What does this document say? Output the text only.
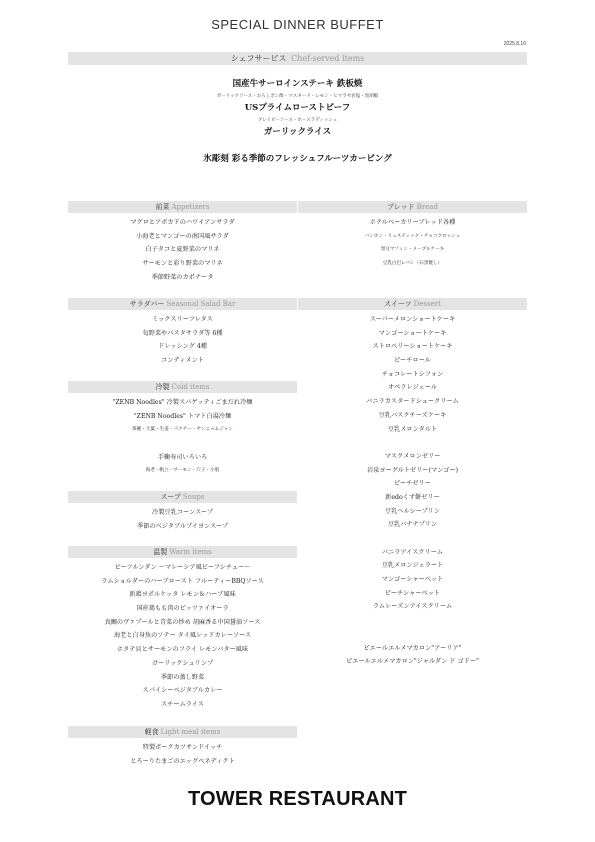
SPECIAL DINNER BUFFET
2025.8.16
シェフサービス Chef-served items
国産牛サーロインステーキ 鉄板焼
ガーリックソース・おろしポン酢・マスタード・レモン・ヒマラヤ岩塩・黒胡椒
USプライムローストビーフ
グレイビーソース・ホースラディッシュ
ガーリックライス
氷彫刻 彩る季節のフレッシュフルーツカービング
前菜 Appetizers
マグロとアボカドのハワイアンサラダ
小海老とマンゴーの南国風サラダ
白子タコと夏野菜のマリネ
サーモンと彩り野菜のマリネ
季節野菜のカポナータ
サラダバー Seasonal Salad Bar
ミックスリーフレタス
旬野菜やパスタサラダ等 6種
ドレッシング 4種
コンディメント
冷製 Cold items
"ZENB Noodles" 冷製スパゲッティごまだれ冷麺
"ZENB Noodles" トマト白湯冷麺
茶碗・大葉・生姜・パクチー・ヤンニョムジャン
手鞠寿司いろいろ
海老・帆立・サーモン・穴子・小肌
スープ Soups
冷製豆乳コーンスープ
季節のベジタブルブイヨンスープ
温製 Warm items
ビーフルンダン ～マレーシア風ビーフシチュー～
ラムショルダーのハーブロースト フルーティーBBQソース
新鶏ヨポルケッタ レモン＆ハーブ風味
国産鶏もも肉のピッツァイオーラ
真鯛のヴァプールと青菜の炒め 胡麻香る中国醤油ソース
海老と白身魚のソテー タイ風レッドカレーソース
ホタテ貝とサーモンのフライ レモンバター風味
ガーリックシュリンプ
季節の蒸し野菜
スパイシーベジタブルカレー
スチームライス
軽食 Light meal items
特製ポークカツサンドイッチ
とろーりたまごのエッグベネディクト
ブレッド Bread
ホテルベーカリーブレッド各種
バンホン・リュスティック・チョコクロッシュ
黒豆マフィン・メープルケーキ
豆乳白巴レパン（石窯焼し）
スイーツ Dessert
スーパーメロンショートケーキ
マンゴーショートケーキ
ストロベリーショートケーキ
ピーチロール
チョコレートシフォン
オペラレジェール
バニラカスタードシュークリーム
豆乳バスクチーズケーキ
豆乳メロンタルト
マスクメロンゼリー
岩泉ヨーグルトゼリー(マンゴー)
ピーチゼリー
新edoくず餅ゼリー
豆乳ヘルシープリン
豆乳バナナプリン
バニラアイスクリーム
豆乳メロンジェラート
マンゴーシャーベット
ピーチシャーベット
ラムレーズンアイスクリーム
ピエールエルメマカロン"アーリア"
ピエールエルメマカロン"ジャルダン ド ゴドー"
TOWER RESTAURANT
